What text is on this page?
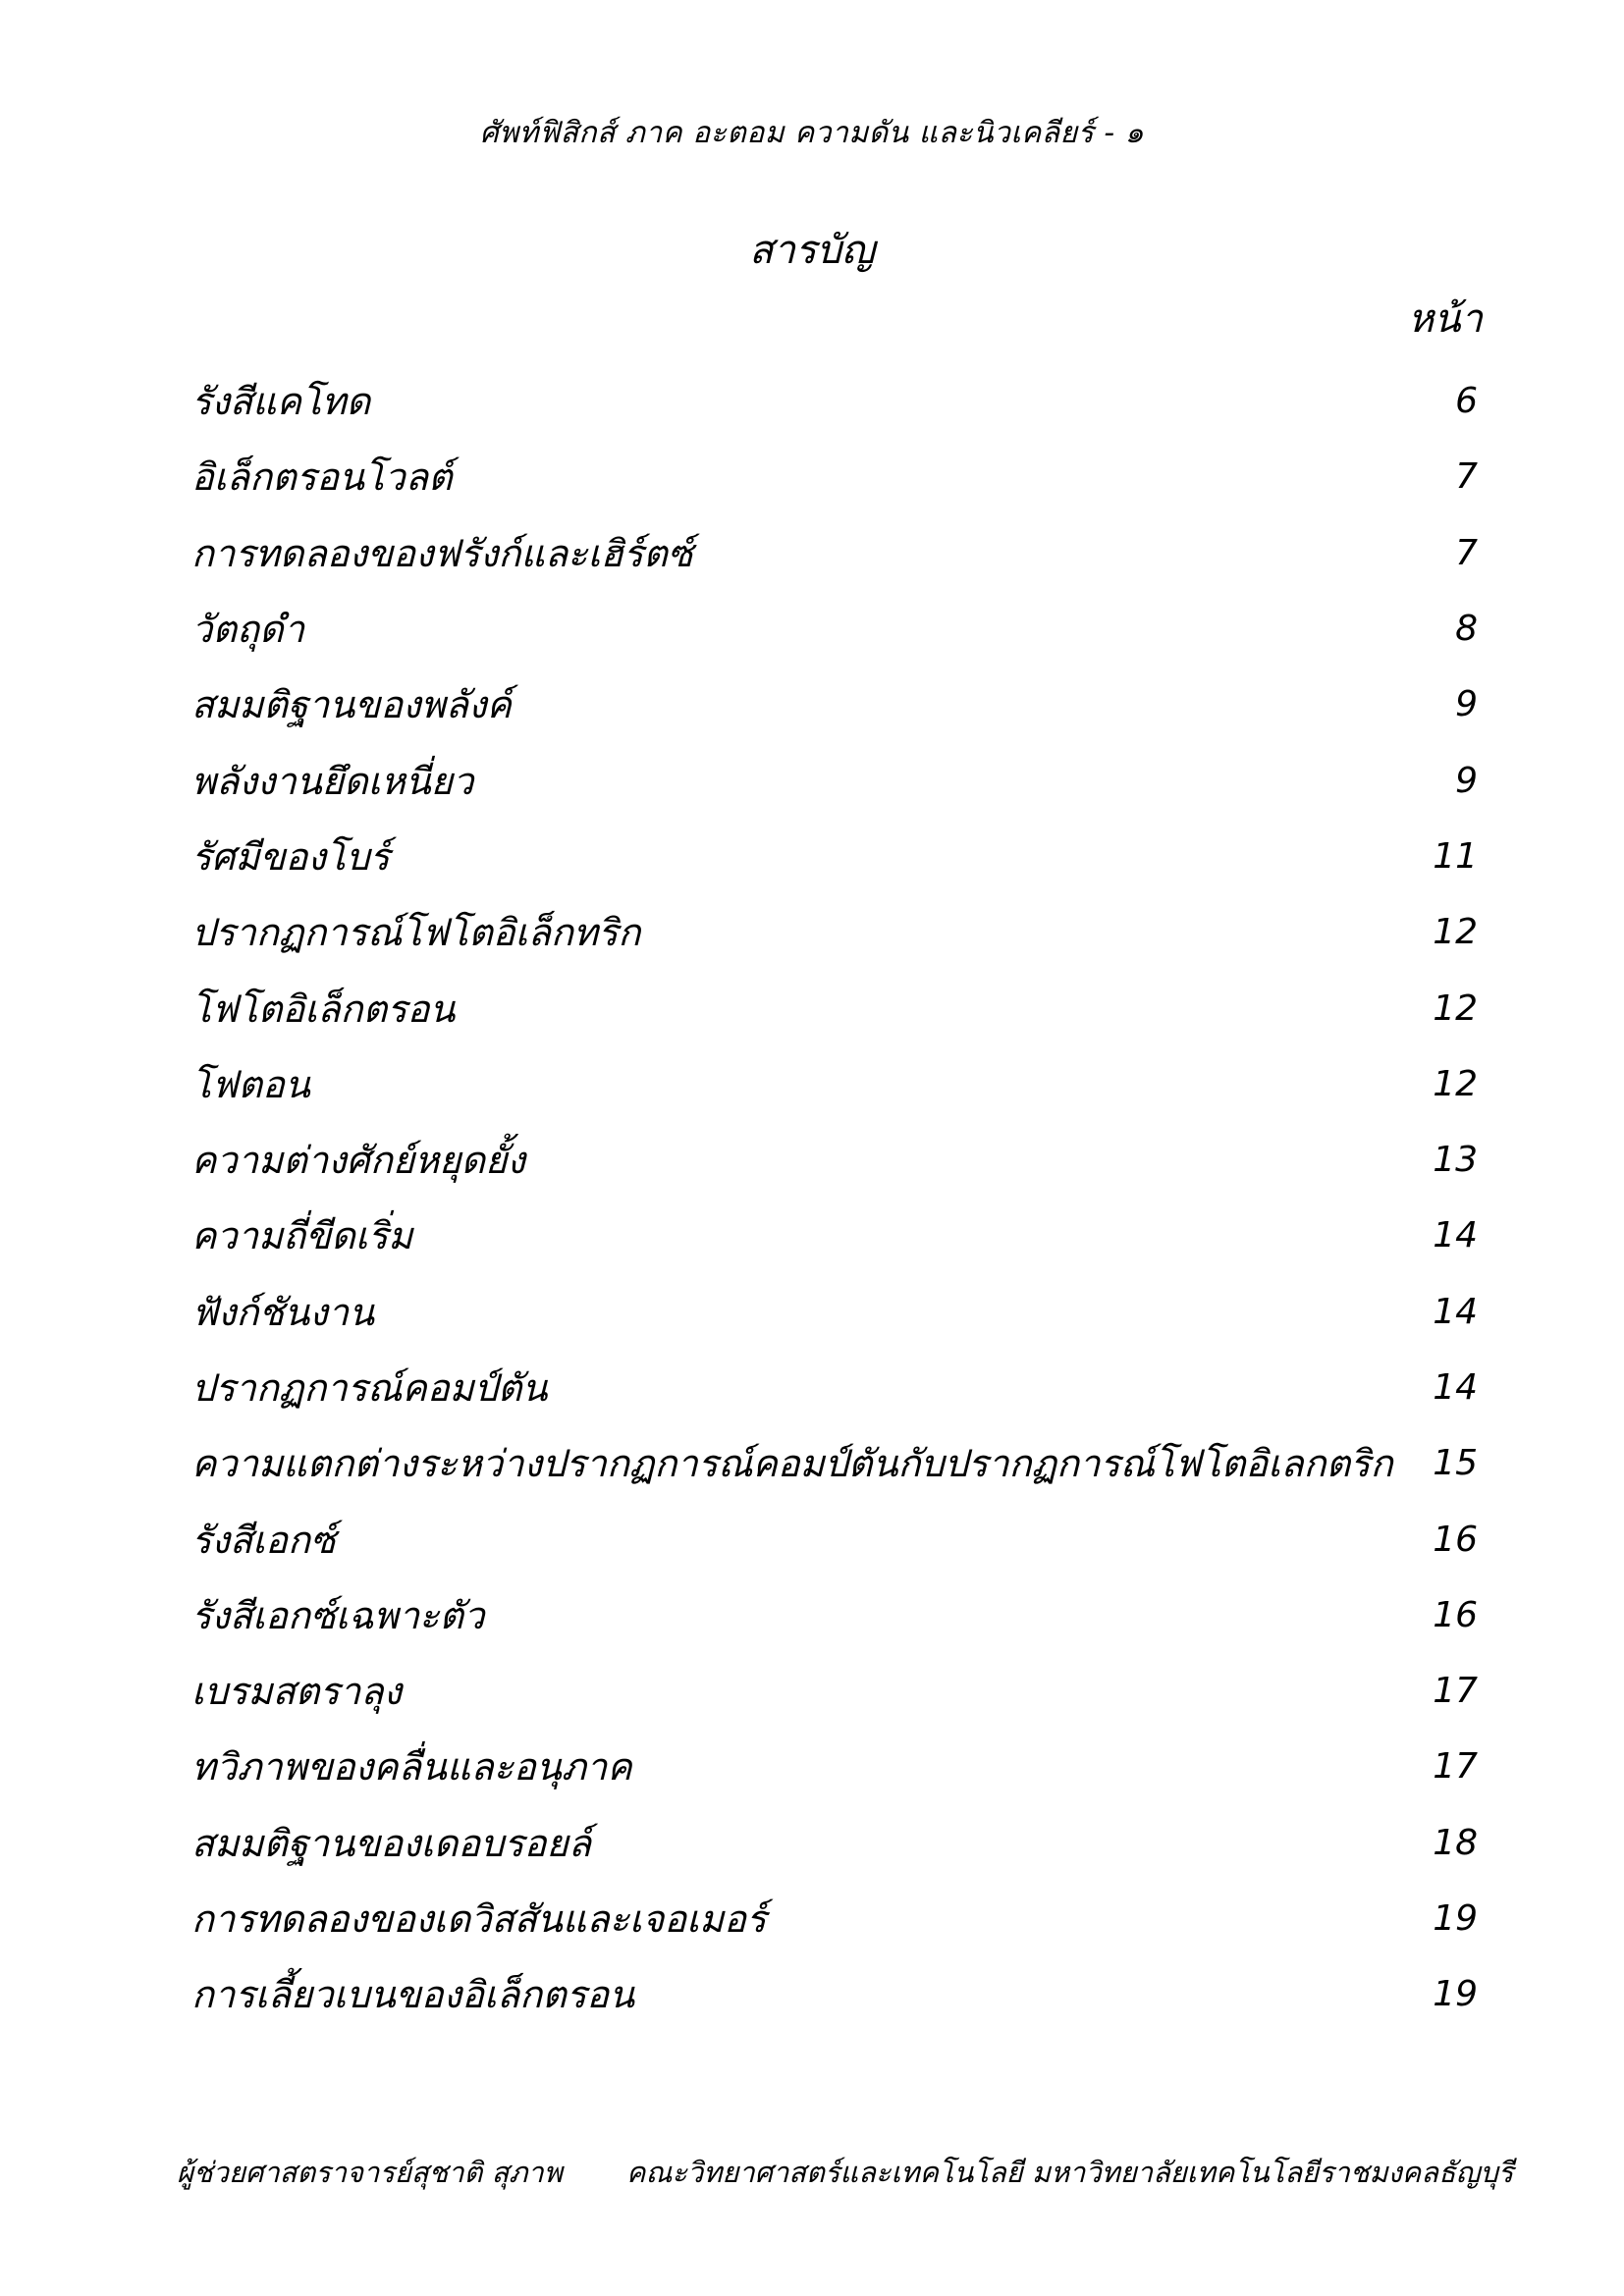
ศัพท์ฟิสิกส์ ภาค อะตอม ความดัน และนิวเคลียร์ - ๑
สารบัญ
หน้า
รังสีแคโทด	6
อิเล็กตรอนโวลต์	7
การทดลองของฟรังก์และเฮิร์ตซ์	7
วัตถุดำ	8
สมมติฐานของพลังค์	9
พลังงานยึดเหนี่ยว	9
รัศมีของโบร์	11
ปรากฏการณ์โฟโตอิเล็กทริก	12
โฟโตอิเล็กตรอน	12
โฟตอน	12
ความต่างศักย์หยุดยั้ง	13
ความถี่ขีดเริ่ม	14
ฟังก์ชันงาน	14
ปรากฏการณ์คอมป์ตัน	14
ความแตกต่างระหว่างปรากฏการณ์คอมป์ตันกับปรากฏการณ์โฟโตอิเลกตริก	15
รังสีเอกซ์	16
รังสีเอกซ์เฉพาะตัว	16
เบรมสตราลุง	17
ทวิภาพของคลื่นและอนุภาค	17
สมมติฐานของเดอบรอยล์	18
การทดลองของเดวิสสันและเจอเมอร์	19
การเลี้ยวเบนของอิเล็กตรอน	19
ผู้ช่วยศาสตราจารย์สุชาติ สุภาพ คณะวิทยาศาสตร์และเทคโนโลยี มหาวิทยาลัยเทคโนโลยีราชมงคลธัญบุรี
